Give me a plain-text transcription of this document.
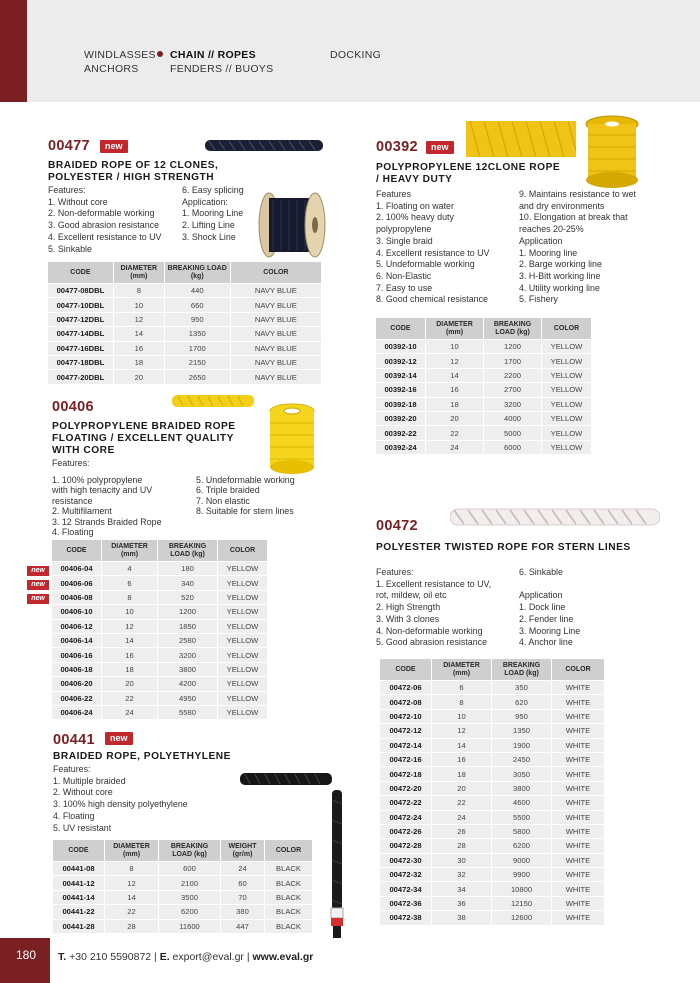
WINDLASSES
ANCHORS
CHAIN // ROPES
FENDERS // BUOYS
DOCKING
00477	new
BRAIDED ROPE OF 12 CLONES,
POLYESTER / HIGH STRENGTH
Features:
1. Without core
2. Non-deformable working
3. Good abrasion resistance
4. Excellent resistance to UV
5. Sinkable
6. Easy splicing
Application:
1. Mooring Line
2. Lifting Line
3. Shock Line
CODE	DIAMETER (mm)	BREAKING LOAD (kg)	COLOR
00477-08DBL	8	440	NAVY BLUE
00477-10DBL	10	660	NAVY BLUE
00477-12DBL	12	950	NAVY BLUE
00477-14DBL	14	1350	NAVY BLUE
00477-16DBL	16	1700	NAVY BLUE
00477-18DBL	18	2150	NAVY BLUE
00477-20DBL	20	2650	NAVY BLUE
00406
POLYPROPYLENE BRAIDED ROPE
FLOATING / EXCELLENT QUALITY
WITH CORE
Features:
1. 100% polypropylene
with high tenacity and UV
resistance
2. Multifilament
3. 12 Strands Braided Rope
4. Floating
5. Undeformable working
6. Triple braided
7. Non elastic
8. Suitable for stern lines
new
new
new
CODE	DIAMETER (mm)	BREAKING LOAD (kg)	COLOR
00406-04	4	180	YELLOW
00406-06	6	340	YELLOW
00406-08	8	520	YELLOW
00406-10	10	1200	YELLOW
00406-12	12	1850	YELLOW
00406-14	14	2580	YELLOW
00406-16	16	3200	YELLOW
00406-18	18	3800	YELLOW
00406-20	20	4200	YELLOW
00406-22	22	4950	YELLOW
00406-24	24	5580	YELLOW
00441	new
BRAIDED ROPE, POLYETHYLENE
Features:
1. Multiple braided
2. Without core
3. 100% high density polyethylene
4. Floating
5. UV resistant
CODE	DIAMETER (mm)	BREAKING LOAD (kg)	WEIGHT (gr/m)	COLOR
00441-08	8	600	24	BLACK
00441-12	12	2100	60	BLACK
00441-14	14	3500	70	BLACK
00441-22	22	6200	380	BLACK
00441-28	28	11600	447	BLACK
00392	new
POLYPROPYLENE 12CLONE ROPE
/ HEAVY DUTY
Features
1. Floating on water
2. 100% heavy duty
polypropylene
3. Single braid
4. Excellent resistance to UV
5. Undeformable working
6. Non-Elastic
7. Easy to use
8. Good chemical resistance
9. Maintains resistance to wet
and dry environments
10. Elongation at break that
reaches 20-25%
Application
1. Mooring line
2. Barge working line
3. H-Bitt working line
4. Utility working line
5. Fishery
CODE	DIAMETER (mm)	BREAKING LOAD (kg)	COLOR
00392-10	10	1200	YELLOW
00392-12	12	1700	YELLOW
00392-14	14	2200	YELLOW
00392-16	16	2700	YELLOW
00392-18	18	3200	YELLOW
00392-20	20	4000	YELLOW
00392-22	22	5000	YELLOW
00392-24	24	6000	YELLOW
00472
POLYESTER TWISTED ROPE FOR STERN LINES
Features:
1. Excellent resistance to UV,
rot, mildew, oil etc
2. High Strength
3. With 3 clones
4. Non-deformable working
5. Good abrasion resistance
6. Sinkable
Application
1. Dock line
2. Fender line
3. Mooring Line
4. Anchor line
CODE	DIAMETER (mm)	BREAKING LOAD (kg)	COLOR
00472-06	6	350	WHITE
00472-08	8	620	WHITE
00472-10	10	950	WHITE
00472-12	12	1350	WHITE
00472-14	14	1900	WHITE
00472-16	16	2450	WHITE
00472-18	18	3050	WHITE
00472-20	20	3800	WHITE
00472-22	22	4600	WHITE
00472-24	24	5500	WHITE
00472-26	26	5800	WHITE
00472-28	28	6200	WHITE
00472-30	30	9000	WHITE
00472-32	32	9900	WHITE
00472-34	34	10800	WHITE
00472-36	36	12150	WHITE
00472-38	38	12600	WHITE
180 T. +30 210 5590872 | E. export@eval.gr | www.eval.gr
